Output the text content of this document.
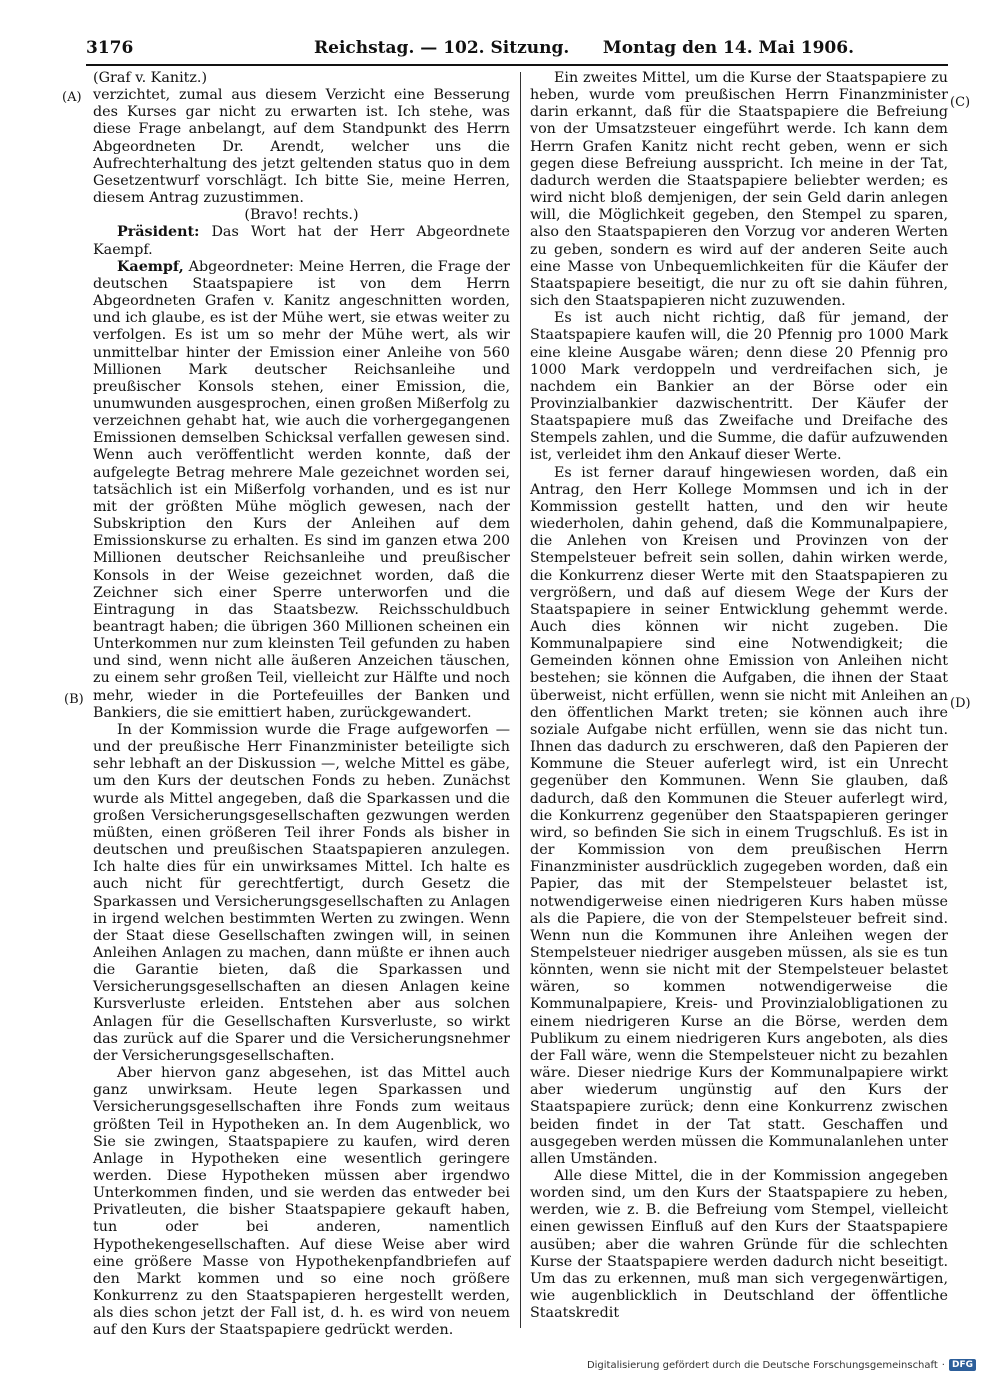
3176	Reichstag. — 102. Sitzung. Montag den 14. Mai 1906.
(A)
(B)
(C)
(D)

(Graf v. Kanitz.)

verzichtet, zumal aus diesem Verzicht eine Besserung des Kurses gar nicht zu erwarten ist. Ich stehe, was diese Frage anbelangt, auf dem Standpunkt des Herrn Abgeordneten Dr. Arendt, welcher uns die Aufrechterhaltung des jetzt geltenden status quo in dem Gesetzentwurf vorschlägt. Ich bitte Sie, meine Herren, diesem Antrag zuzustimmen.

(Bravo! rechts.)

Präsident: Das Wort hat der Herr Abgeordnete Kaempf.

Kaempf, Abgeordneter: Meine Herren, die Frage der deutschen Staatspapiere ist von dem Herrn Abgeordneten Grafen v. Kanitz angeschnitten worden, und ich glaube, es ist der Mühe wert, sie etwas weiter zu verfolgen. Es ist um so mehr der Mühe wert, als wir unmittelbar hinter der Emission einer Anleihe von 560 Millionen Mark deutscher Reichsanleihe und preußischer Konsols stehen, einer Emission, die, unumwunden ausgesprochen, einen großen Mißerfolg zu verzeichnen gehabt hat, wie auch die vorhergegangenen Emissionen demselben Schicksal verfallen gewesen sind. Wenn auch veröffentlicht werden konnte, daß der aufgelegte Betrag mehrere Male gezeichnet worden sei, tatsächlich ist ein Mißerfolg vorhanden, und es ist nur mit der größten Mühe möglich gewesen, nach der Subskription den Kurs der Anleihen auf dem Emissionskurse zu erhalten. Es sind im ganzen etwa 200 Millionen deutscher Reichsanleihe und preußischer Konsols in der Weise gezeichnet worden, daß die Zeichner sich einer Sperre unterworfen und die Eintragung in das Staatsbezw. Reichsschuldbuch beantragt haben; die übrigen 360 Millionen scheinen ein Unterkommen nur zum kleinsten Teil gefunden zu haben und sind, wenn nicht alle äußeren Anzeichen täuschen, zu einem sehr großen Teil, vielleicht zur Hälfte und noch mehr, wieder in die Portefeuilles der Banken und Bankiers, die sie emittiert haben, zurückgewandert.

In der Kommission wurde die Frage aufgeworfen — und der preußische Herr Finanzminister beteiligte sich sehr lebhaft an der Diskussion —, welche Mittel es gäbe, um den Kurs der deutschen Fonds zu heben. Zunächst wurde als Mittel angegeben, daß die Sparkassen und die großen Versicherungsgesellschaften gezwungen werden müßten, einen größeren Teil ihrer Fonds als bisher in deutschen und preußischen Staatspapieren anzulegen. Ich halte dies für ein unwirksames Mittel. Ich halte es auch nicht für gerechtfertigt, durch Gesetz die Sparkassen und Versicherungsgesellschaften zu Anlagen in irgend welchen bestimmten Werten zu zwingen. Wenn der Staat diese Gesellschaften zwingen will, in seinen Anleihen Anlagen zu machen, dann müßte er ihnen auch die Garantie bieten, daß die Sparkassen und Versicherungsgesellschaften an diesen Anlagen keine Kursverluste erleiden. Entstehen aber aus solchen Anlagen für die Gesellschaften Kursverluste, so wirkt das zurück auf die Sparer und die Versicherungsnehmer der Versicherungsgesellschaften.

Aber hiervon ganz abgesehen, ist das Mittel auch ganz unwirksam. Heute legen Sparkassen und Versicherungsgesellschaften ihre Fonds zum weitaus größten Teil in Hypotheken an. In dem Augenblick, wo Sie sie zwingen, Staatspapiere zu kaufen, wird deren Anlage in Hypotheken eine wesentlich geringere werden. Diese Hypotheken müssen aber irgendwo Unterkommen finden, und sie werden das entweder bei Privatleuten, die bisher Staatspapiere gekauft haben, tun oder bei anderen, namentlich Hypothekengesellschaften. Auf diese Weise aber wird eine größere Masse von Hypothekenpfandbriefen auf den Markt kommen und so eine noch größere Konkurrenz zu den Staatspapieren hergestellt werden, als dies schon jetzt der Fall ist, d. h. es wird von neuem auf den Kurs der Staatspapiere gedrückt werden.

Ein zweites Mittel, um die Kurse der Staatspapiere zu heben, wurde vom preußischen Herrn Finanzminister darin erkannt, daß für die Staatspapiere die Befreiung von der Umsatzsteuer eingeführt werde. Ich kann dem Herrn Grafen Kanitz nicht recht geben, wenn er sich gegen diese Befreiung ausspricht. Ich meine in der Tat, dadurch werden die Staatspapiere beliebter werden; es wird nicht bloß demjenigen, der sein Geld darin anlegen will, die Möglichkeit gegeben, den Stempel zu sparen, also den Staatspapieren den Vorzug vor anderen Werten zu geben, sondern es wird auf der anderen Seite auch eine Masse von Unbequemlichkeiten für die Käufer der Staatspapiere beseitigt, die nur zu oft sie dahin führen, sich den Staatspapieren nicht zuzuwenden.

Es ist auch nicht richtig, daß für jemand, der Staatspapiere kaufen will, die 20 Pfennig pro 1000 Mark eine kleine Ausgabe wären; denn diese 20 Pfennig pro 1000 Mark verdoppeln und verdreifachen sich, je nachdem ein Bankier an der Börse oder ein Provinzialbankier dazwischentritt. Der Käufer der Staatspapiere muß das Zweifache und Dreifache des Stempels zahlen, und die Summe, die dafür aufzuwenden ist, verleidet ihm den Ankauf dieser Werte.

Es ist ferner darauf hingewiesen worden, daß ein Antrag, den Herr Kollege Mommsen und ich in der Kommission gestellt hatten, und den wir heute wiederholen, dahin gehend, daß die Kommunalpapiere, die Anlehen von Kreisen und Provinzen von der Stempelsteuer befreit sein sollen, dahin wirken werde, die Konkurrenz dieser Werte mit den Staatspapieren zu vergrößern, und daß auf diesem Wege der Kurs der Staatspapiere in seiner Entwicklung gehemmt werde. Auch dies können wir nicht zugeben. Die Kommunalpapiere sind eine Notwendigkeit; die Gemeinden können ohne Emission von Anleihen nicht bestehen; sie können die Aufgaben, die ihnen der Staat überweist, nicht erfüllen, wenn sie nicht mit Anleihen an den öffentlichen Markt treten; sie können auch ihre soziale Aufgabe nicht erfüllen, wenn sie das nicht tun. Ihnen das dadurch zu erschweren, daß den Papieren der Kommune die Steuer auferlegt wird, ist ein Unrecht gegenüber den Kommunen. Wenn Sie glauben, daß dadurch, daß den Kommunen die Steuer auferlegt wird, die Konkurrenz gegenüber den Staatspapieren geringer wird, so befinden Sie sich in einem Trugschluß. Es ist in der Kommission von dem preußischen Herrn Finanzminister ausdrücklich zugegeben worden, daß ein Papier, das mit der Stempelsteuer belastet ist, notwendigerweise einen niedrigeren Kurs haben müsse als die Papiere, die von der Stempelsteuer befreit sind. Wenn nun die Kommunen ihre Anleihen wegen der Stempelsteuer niedriger ausgeben müssen, als sie es tun könnten, wenn sie nicht mit der Stempelsteuer belastet wären, so kommen notwendigerweise die Kommunalpapiere, Kreis- und Provinzialobligationen zu einem niedrigeren Kurse an die Börse, werden dem Publikum zu einem niedrigeren Kurs angeboten, als dies der Fall wäre, wenn die Stempelsteuer nicht zu bezahlen wäre. Dieser niedrige Kurs der Kommunalpapiere wirkt aber wiederum ungünstig auf den Kurs der Staatspapiere zurück; denn eine Konkurrenz zwischen beiden findet in der Tat statt. Geschaffen und ausgegeben werden müssen die Kommunalanlehen unter allen Umständen.

Alle diese Mittel, die in der Kommission angegeben worden sind, um den Kurs der Staatspapiere zu heben, werden, wie z. B. die Befreiung vom Stempel, vielleicht einen gewissen Einfluß auf den Kurs der Staatspapiere ausüben; aber die wahren Gründe für die schlechten Kurse der Staatspapiere werden dadurch nicht beseitigt. Um das zu erkennen, muß man sich vergegenwärtigen, wie augenblicklich in Deutschland der öffentliche Staatskredit

Digitalisierung gefördert durch die Deutsche Forschungsgemeinschaft · DFG
